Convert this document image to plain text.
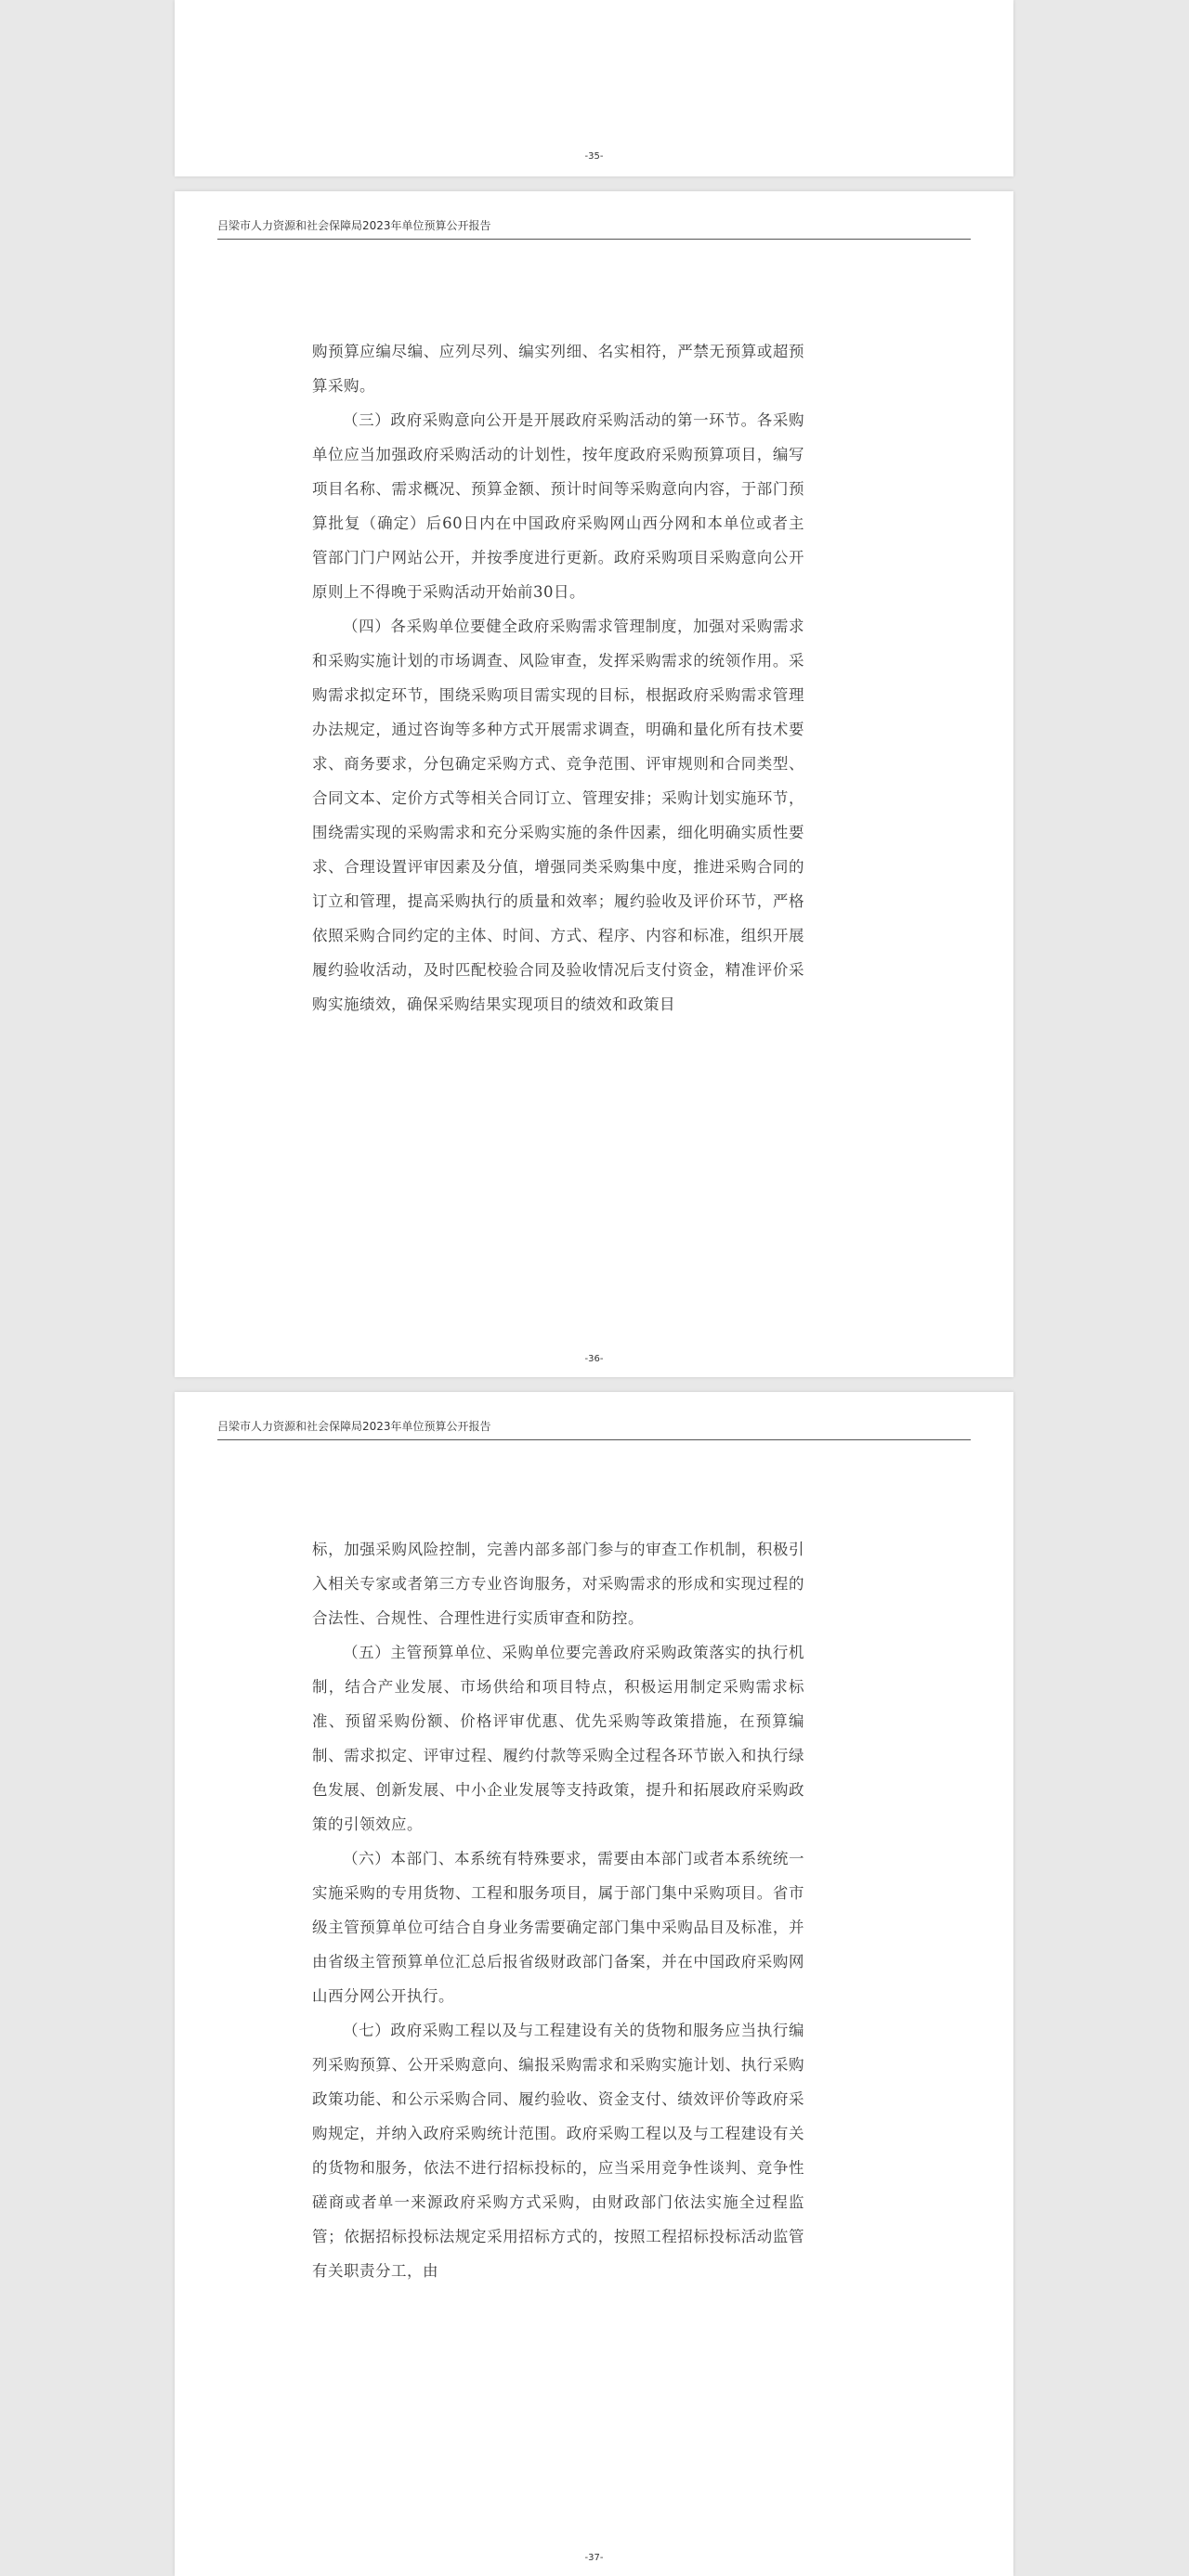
-35-
吕梁市人力资源和社会保障局2023年单位预算公开报告

购预算应编尽编、应列尽列、编实列细、名实相符，严禁无预算或超预算采购。

（三）政府采购意向公开是开展政府采购活动的第一环节。各采购单位应当加强政府采购活动的计划性，按年度政府采购预算项目，编写项目名称、需求概况、预算金额、预计时间等采购意向内容，于部门预算批复（确定）后60日内在中国政府采购网山西分网和本单位或者主管部门门户网站公开，并按季度进行更新。政府采购项目采购意向公开原则上不得晚于采购活动开始前30日。

（四）各采购单位要健全政府采购需求管理制度，加强对采购需求和采购实施计划的市场调查、风险审查，发挥采购需求的统领作用。采购需求拟定环节，围绕采购项目需实现的目标，根据政府采购需求管理办法规定，通过咨询等多种方式开展需求调查，明确和量化所有技术要求、商务要求，分包确定采购方式、竞争范围、评审规则和合同类型、合同文本、定价方式等相关合同订立、管理安排；采购计划实施环节，围绕需实现的采购需求和充分采购实施的条件因素，细化明确实质性要求、合理设置评审因素及分值，增强同类采购集中度，推进采购合同的订立和管理，提高采购执行的质量和效率；履约验收及评价环节，严格依照采购合同约定的主体、时间、方式、程序、内容和标准，组织开展履约验收活动，及时匹配校验合同及验收情况后支付资金，精准评价采购实施绩效，确保采购结果实现项目的绩效和政策目

-36-
吕梁市人力资源和社会保障局2023年单位预算公开报告

标，加强采购风险控制，完善内部多部门参与的审查工作机制，积极引入相关专家或者第三方专业咨询服务，对采购需求的形成和实现过程的合法性、合规性、合理性进行实质审查和防控。

（五）主管预算单位、采购单位要完善政府采购政策落实的执行机制，结合产业发展、市场供给和项目特点，积极运用制定采购需求标准、预留采购份额、价格评审优惠、优先采购等政策措施，在预算编制、需求拟定、评审过程、履约付款等采购全过程各环节嵌入和执行绿色发展、创新发展、中小企业发展等支持政策，提升和拓展政府采购政策的引领效应。

（六）本部门、本系统有特殊要求，需要由本部门或者本系统统一实施采购的专用货物、工程和服务项目，属于部门集中采购项目。省市级主管预算单位可结合自身业务需要确定部门集中采购品目及标准，并由省级主管预算单位汇总后报省级财政部门备案，并在中国政府采购网山西分网公开执行。

（七）政府采购工程以及与工程建设有关的货物和服务应当执行编列采购预算、公开采购意向、编报采购需求和采购实施计划、执行采购政策功能、和公示采购合同、履约验收、资金支付、绩效评价等政府采购规定，并纳入政府采购统计范围。政府采购工程以及与工程建设有关的货物和服务，依法不进行招标投标的，应当采用竞争性谈判、竞争性磋商或者单一来源政府采购方式采购，由财政部门依法实施全过程监管；依据招标投标法规定采用招标方式的，按照工程招标投标活动监管有关职责分工，由

-37-
